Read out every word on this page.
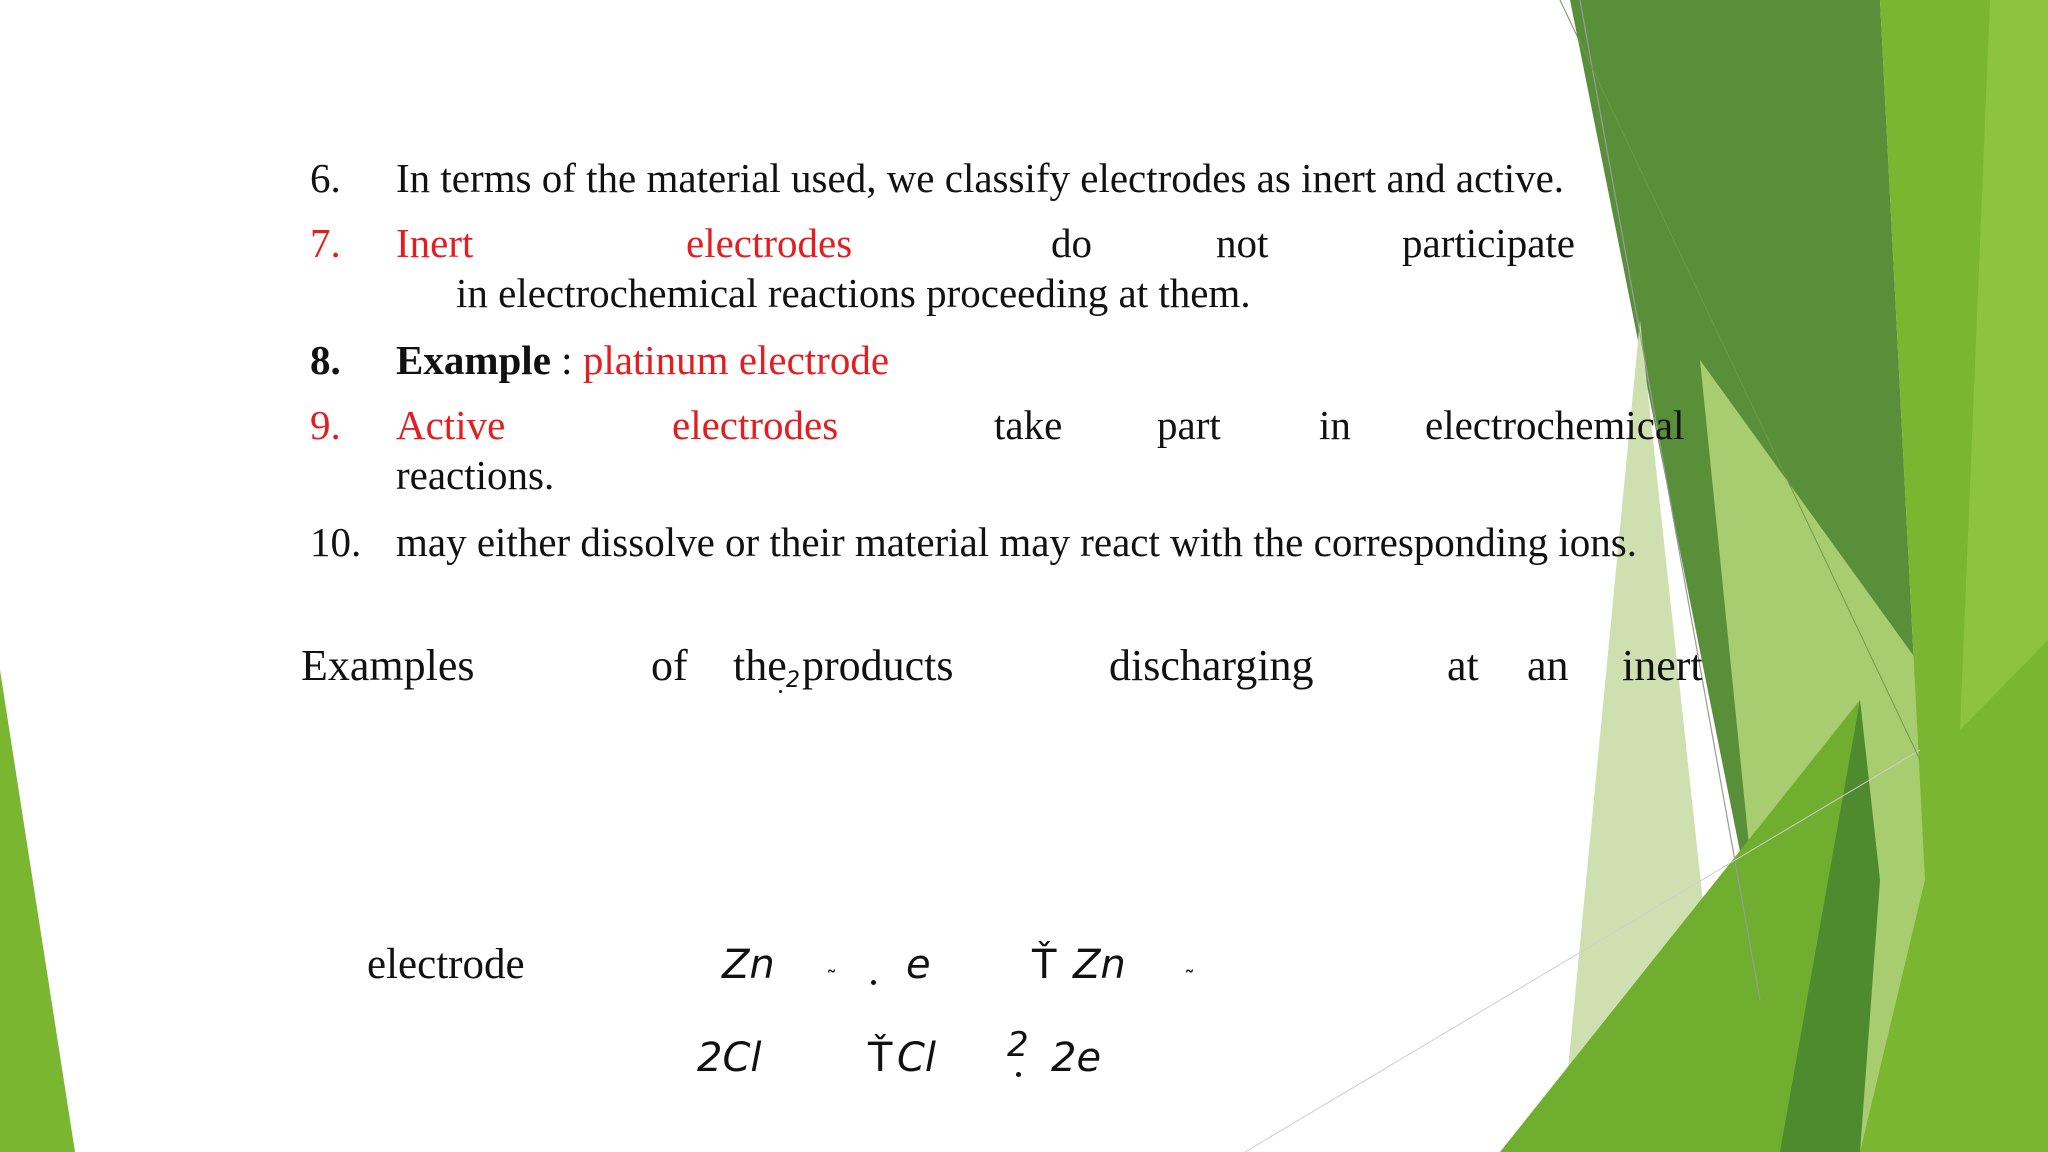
6. In terms of the material used, we classify electrodes as inert and active.
7. Inert	electrodes	do	not	participate
in electrochemical reactions proceeding at them.
8. Example : platinum electrode
9. Active	electrodes	take part in electrochemical
reactions.
10. may either dissolve or their material may react with the corresponding ions.
Examples	of the 2 products	discharging	at an inert
electrode	Zn ˜ e	Ť Zn	˜
2Cl	Ť Cl 2 2e
